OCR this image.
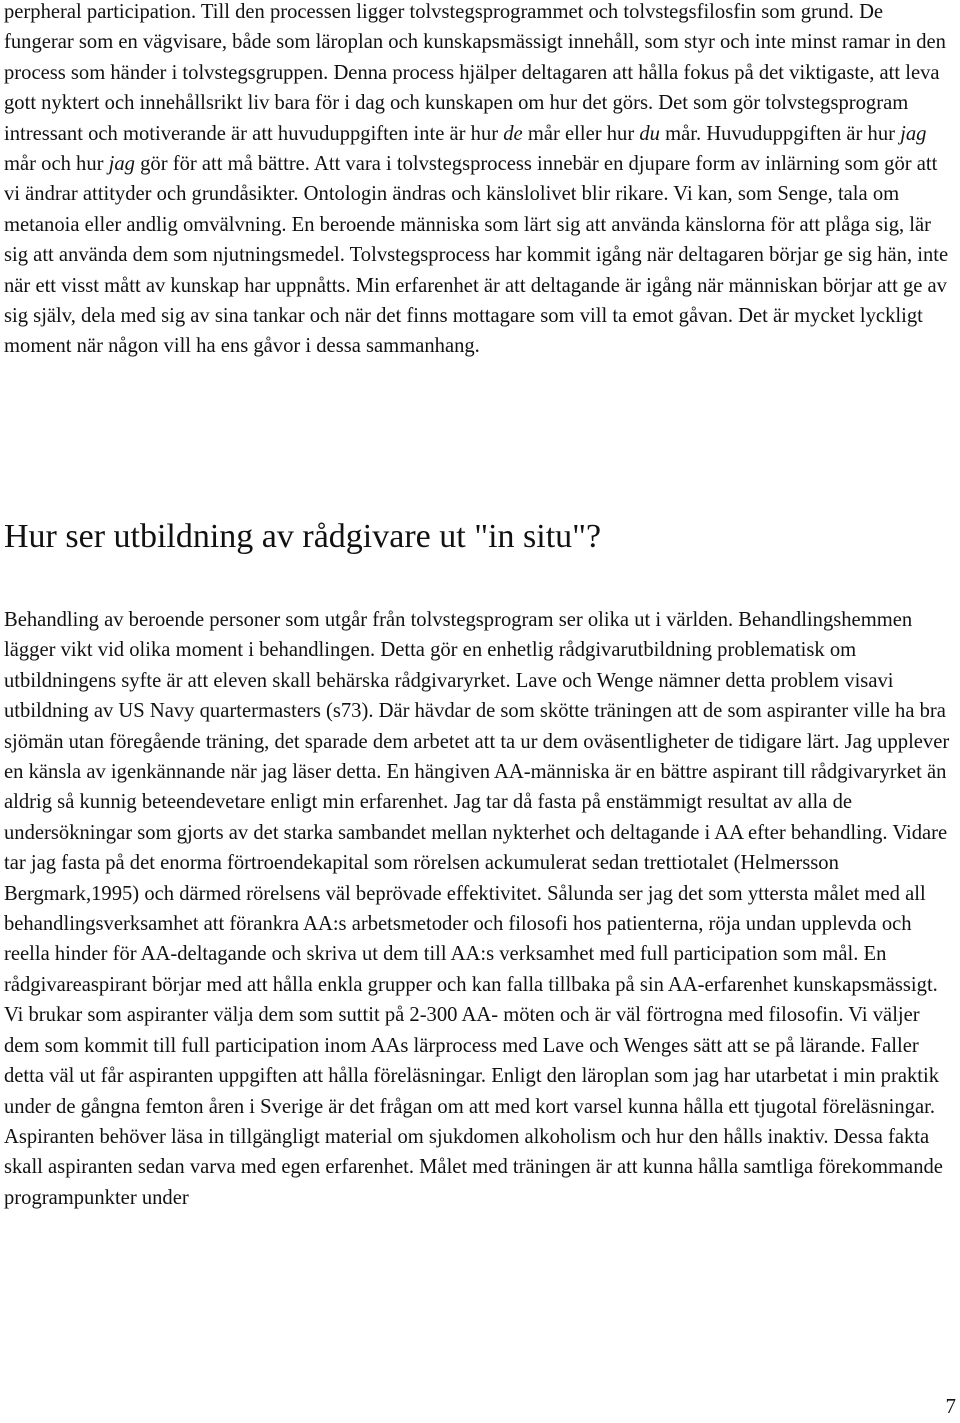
perpheral participation. Till den processen ligger tolvstegsprogrammet och tolvstegsfilosfin som grund. De fungerar som en vägvisare, både som läroplan och kunskapsmässigt innehåll, som styr och inte minst ramar in den process som händer i tolvstegsgruppen. Denna process hjälper deltagaren att hålla fokus på det viktigaste, att leva gott nyktert och innehållsrikt liv bara för i dag och kunskapen om hur det görs. Det som gör tolvstegsprogram intressant och motiverande är att huvuduppgiften inte är hur de mår eller hur du mår. Huvuduppgiften är hur jag mår och hur jag gör för att må bättre. Att vara i tolvstegsprocess innebär en djupare form av inlärning som gör att vi ändrar attityder och grundåsikter. Ontologin ändras och känslolivet blir rikare. Vi kan, som Senge, tala om metanoia eller andlig omvälvning. En beroende människa som lärt sig att använda känslorna för att plåga sig, lär sig att använda dem som njutningsmedel. Tolvstegsprocess har kommit igång när deltagaren börjar ge sig hän, inte när ett visst mått av kunskap har uppnåtts. Min erfarenhet är att deltagande är igång när människan börjar att ge av sig själv, dela med sig av sina tankar och när det finns mottagare som vill ta emot gåvan. Det är mycket lyckligt moment när någon vill ha ens gåvor i dessa sammanhang.

Hur ser utbildning av rådgivare ut "in situ"?

Behandling av beroende personer som utgår från tolvstegsprogram ser olika ut i världen. Behandlingshemmen lägger vikt vid olika moment i behandlingen. Detta gör en enhetlig rådgivarutbildning problematisk om utbildningens syfte är att eleven skall behärska rådgivaryrket. Lave och Wenge nämner detta problem visavi utbildning av US Navy quartermasters (s73). Där hävdar de som skötte träningen att de som aspiranter ville ha bra sjömän utan föregående träning, det sparade dem arbetet att ta ur dem oväsentligheter de tidigare lärt. Jag upplever en känsla av igenkännande när jag läser detta. En hängiven AA-människa är en bättre aspirant till rådgivaryrket än aldrig så kunnig beteendevetare enligt min erfarenhet. Jag tar då fasta på enstämmigt resultat av alla de undersökningar som gjorts av det starka sambandet mellan nykterhet och deltagande i AA efter behandling. Vidare tar jag fasta på det enorma förtroendekapital som rörelsen ackumulerat sedan trettiotalet (Helmersson Bergmark,1995) och därmed rörelsens väl beprövade effektivitet. Sålunda ser jag det som yttersta målet med all behandlingsverksamhet att förankra AA:s arbetsmetoder och filosofi hos patienterna, röja undan upplevda och reella hinder för AA-deltagande och skriva ut dem till AA:s verksamhet med full participation som mål. En rådgivareaspirant börjar med att hålla enkla grupper och kan falla tillbaka på sin AA-erfarenhet kunskapsmässigt. Vi brukar som aspiranter välja dem som suttit på 2-300 AA- möten och är väl förtrogna med filosofin. Vi väljer dem som kommit till full participation inom AAs lärprocess med Lave och Wenges sätt att se på lärande. Faller detta väl ut får aspiranten uppgiften att hålla föreläsningar. Enligt den läroplan som jag har utarbetat i min praktik under de gångna femton åren i Sverige är det frågan om att med kort varsel kunna hålla ett tjugotal föreläsningar. Aspiranten behöver läsa in tillgängligt material om sjukdomen alkoholism och hur den hålls inaktiv. Dessa fakta skall aspiranten sedan varva med egen erfarenhet. Målet med träningen är att kunna hålla samtliga förekommande programpunkter under

7
